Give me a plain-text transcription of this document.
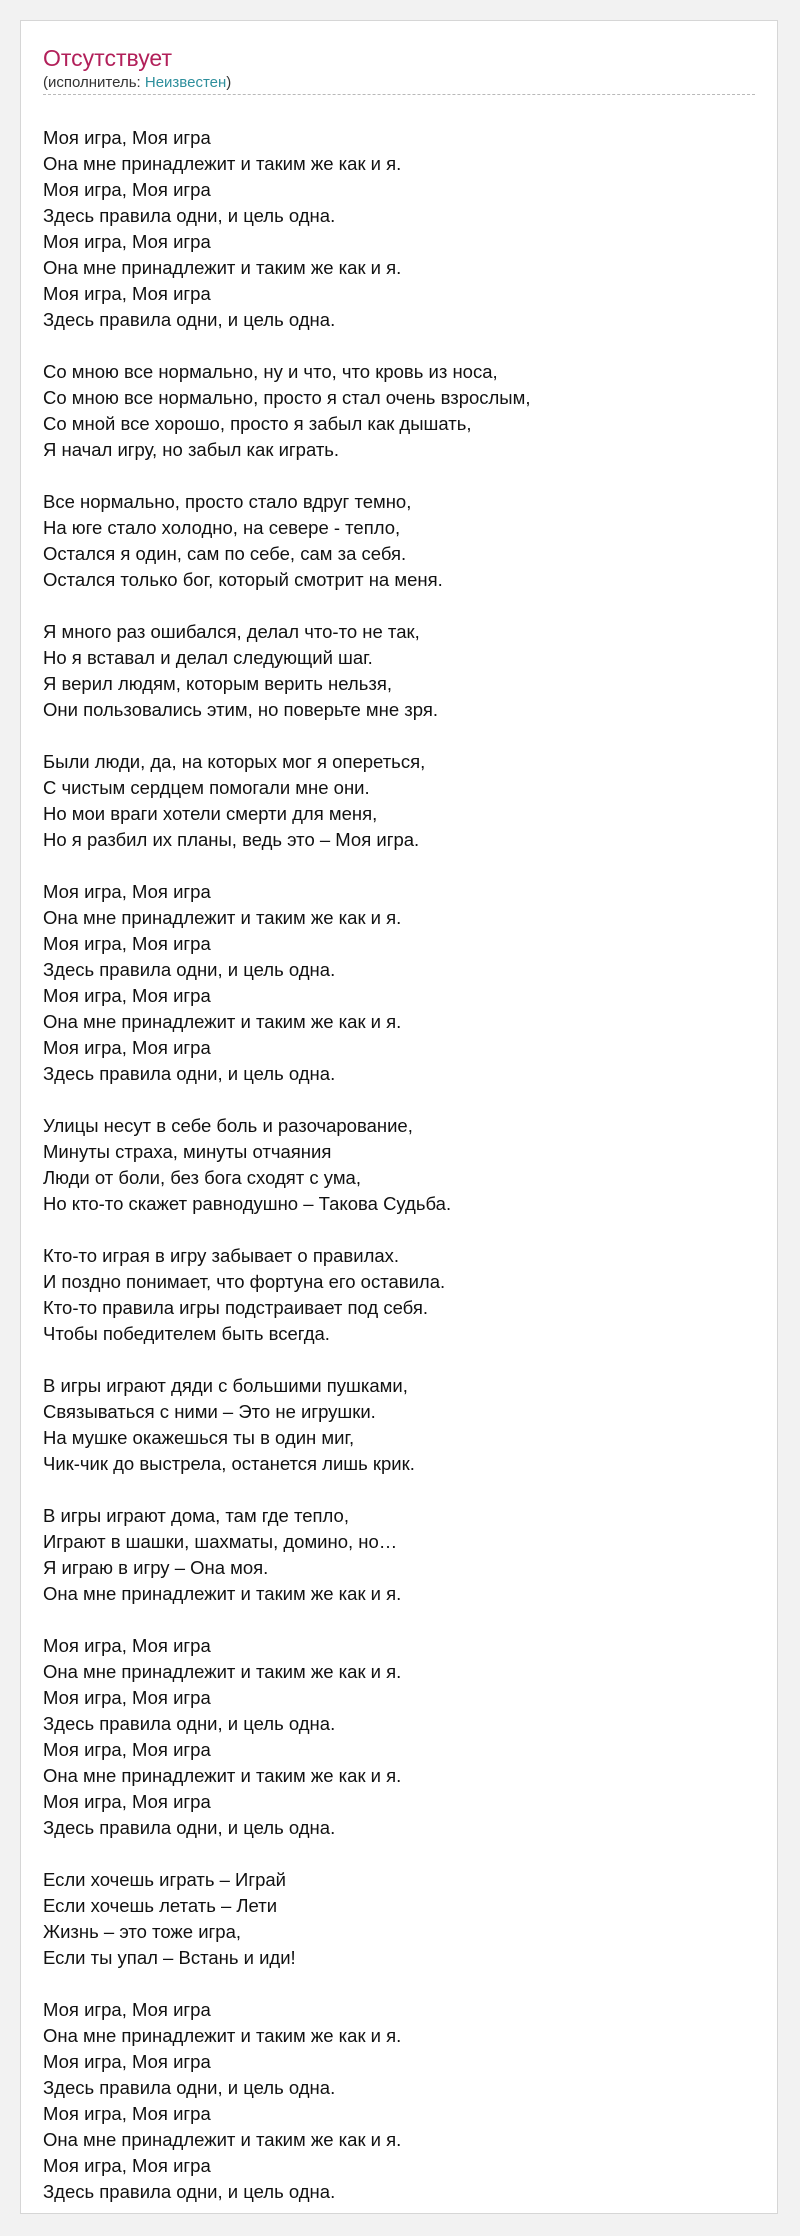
Отсутствует
(исполнитель: Неизвестен)
Моя игра, Моя игра
Она мне принадлежит и таким же как и я.
Моя игра, Моя игра
Здесь правила одни, и цель одна.
Моя игра, Моя игра
Она мне принадлежит и таким же как и я.
Моя игра, Моя игра
Здесь правила одни, и цель одна.
Со мною все нормально, ну и что, что кровь из носа,
Со мною все нормально, просто я стал очень взрослым,
Со мной все хорошо, просто я забыл как дышать,
Я начал игру, но забыл как играть.
Все нормально, просто стало вдруг темно,
На юге стало холодно, на севере - тепло,
Остался я один, сам по себе, сам за себя.
Остался только бог, который смотрит на меня.
Я много раз ошибался, делал что-то не так,
Но я вставал и делал следующий шаг.
Я верил людям, которым верить нельзя,
Они пользовались этим, но поверьте мне зря.
Были люди, да, на которых мог я опереться,
С чистым сердцем помогали мне они.
Но мои враги хотели смерти для меня,
Но я разбил их планы, ведь это – Моя игра.
Моя игра, Моя игра
Она мне принадлежит и таким же как и я.
Моя игра, Моя игра
Здесь правила одни, и цель одна.
Моя игра, Моя игра
Она мне принадлежит и таким же как и я.
Моя игра, Моя игра
Здесь правила одни, и цель одна.
Улицы несут в себе боль и разочарование,
Минуты страха, минуты отчаяния
Люди от боли, без бога сходят с ума,
Но кто-то скажет равнодушно – Такова Судьба.
Кто-то играя в игру забывает о правилах.
И поздно понимает, что фортуна его оставила.
Кто-то правила игры подстраивает под себя.
Чтобы победителем быть всегда.
В игры играют дяди с большими пушками,
Связываться с ними – Это не игрушки.
На мушке окажешься ты в один миг,
Чик-чик до выстрела, останется лишь крик.
В игры играют дома, там где тепло,
Играют в шашки, шахматы, домино, но…
Я играю в игру – Она моя.
Она мне принадлежит и таким же как и я.
Моя игра, Моя игра
Она мне принадлежит и таким же как и я.
Моя игра, Моя игра
Здесь правила одни, и цель одна.
Моя игра, Моя игра
Она мне принадлежит и таким же как и я.
Моя игра, Моя игра
Здесь правила одни, и цель одна.
Если хочешь играть – Играй
Если хочешь летать – Лети
Жизнь – это тоже игра,
Если ты упал – Встань и иди!
Моя игра, Моя игра
Она мне принадлежит и таким же как и я.
Моя игра, Моя игра
Здесь правила одни, и цель одна.
Моя игра, Моя игра
Она мне принадлежит и таким же как и я.
Моя игра, Моя игра
Здесь правила одни, и цель одна.
